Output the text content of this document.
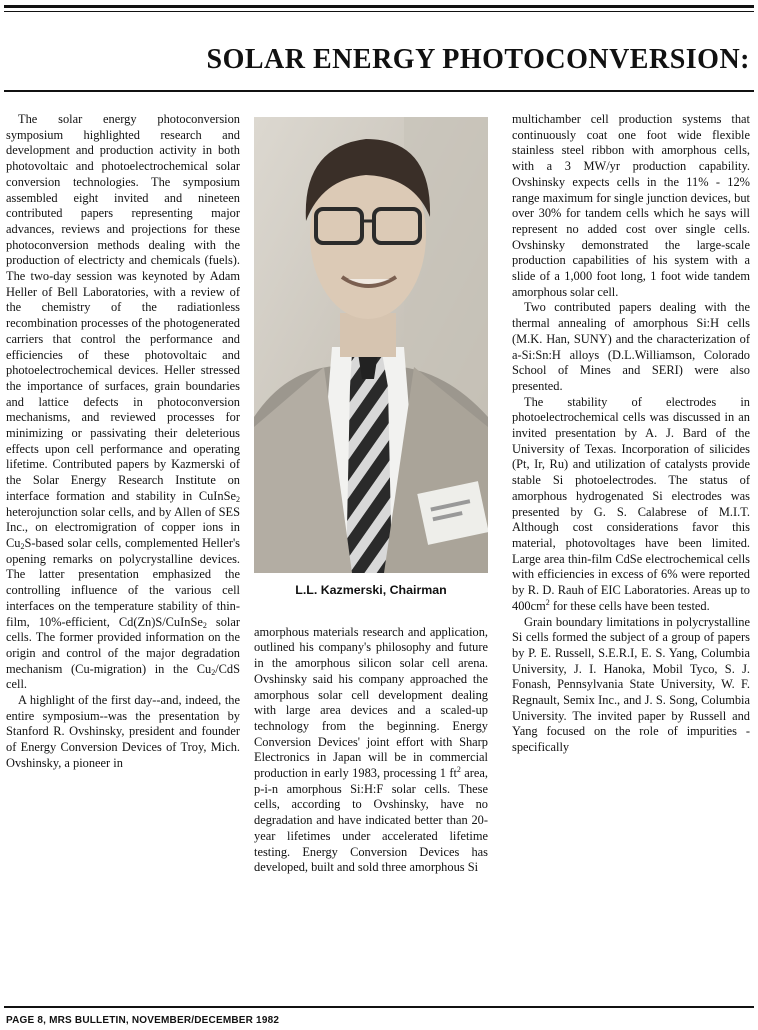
SOLAR ENERGY PHOTOCONVERSION:

The solar energy photoconversion symposium highlighted research and development and production activity in both photovoltaic and photoelectrochemical solar conversion technologies. The symposium assembled eight invited and nineteen contributed papers representing major advances, reviews and projections for these photoconversion methods dealing with the production of electricty and chemicals (fuels). The two-day session was keynoted by Adam Heller of Bell Laboratories, with a review of the chemistry of the radiationless recombination processes of the photogenerated carriers that control the performance and efficiencies of these photovoltaic and photoelectrochemical devices. Heller stressed the importance of surfaces, grain boundaries and lattice defects in photoconversion mechanisms, and reviewed processes for minimizing or passivating their deleterious effects upon cell performance and operating lifetime. Contributed papers by Kazmerski of the Solar Energy Research Institute on interface formation and stability in CuInSe$_2$ heterojunction solar cells, and by Allen of SES Inc., on electromigration of copper ions in $Cu_2S$-based solar cells, complemented Heller's opening remarks on polycrystalline devices. The latter presentation emphasized the controlling influence of the various cell interfaces on the temperature stability of thin-film, 10%-efficient, Cd(Zn)S/CuInSe$_2$ solar cells. The former provided information on the origin and control of the major degradation mechanism (Cu-migration) in the $Cu_2$/CdS cell.

A highlight of the first day--and, indeed, the entire symposium--was the presentation by Stanford R. Ovshinsky, president and founder of Energy Conversion Devices of Troy, Mich. Ovshinsky, a pioneer in

L.L. Kazmerski, Chairman

amorphous materials research and application, outlined his company's philosophy and future in the amorphous silicon solar cell arena. Ovshinsky said his company approached the amorphous solar cell development dealing with large area devices and a scaled-up technology from the beginning. Energy Conversion Devices' joint effort with Sharp Electronics in Japan will be in commercial production in early 1983, processing 1 $ft^2$ area, p-i-n amorphous Si:H:F solar cells. These cells, according to Ovshinsky, have no degradation and have indicated better than 20-year lifetimes under accelerated lifetime testing. Energy Conversion Devices has developed, built and sold three amorphous Si

multichamber cell production systems that continuously coat one foot wide flexible stainless steel ribbon with amorphous cells, with a 3 MW/yr production capability. Ovshinsky expects cells in the 11% - 12% range maximum for single junction devices, but over 30% for tandem cells which he says will represent no added cost over single cells. Ovshinsky demonstrated the large-scale production capabilities of his system with a slide of a 1,000 foot long, 1 foot wide tandem amorphous solar cell.

Two contributed papers dealing with the thermal annealing of amorphous Si:H cells (M.K. Han, SUNY) and the characterization of a-Si:Sn:H alloys (D.L.Williamson, Colorado School of Mines and SERI) were also presented.

The stability of electrodes in photoelectrochemical cells was discussed in an invited presentation by A. J. Bard of the University of Texas. Incorporation of silicides (Pt, Ir, Ru) and utilization of catalysts provide stable Si photoelectrodes. The status of amorphous hydrogenated Si electrodes was presented by G. S. Calabrese of M.I.T. Although cost considerations favor this material, photovoltages have been limited. Large area thin-film CdSe electrochemical cells with efficiencies in excess of 6% were reported by R. D. Rauh of EIC Laboratories. Areas up to $400cm^2$ for these cells have been tested.

Grain boundary limitations in polycrystalline Si cells formed the subject of a group of papers by P. E. Russell, S.E.R.I, E. S. Yang, Columbia University, J. I. Hanoka, Mobil Tyco, S. J. Fonash, Pennsylvania State University, W. F. Regnault, Semix Inc., and J. S. Song, Columbia University. The invited paper by Russell and Yang focused on the role of impurities - specifically

PAGE 8, MRS BULLETIN, NOVEMBER/DECEMBER 1982
